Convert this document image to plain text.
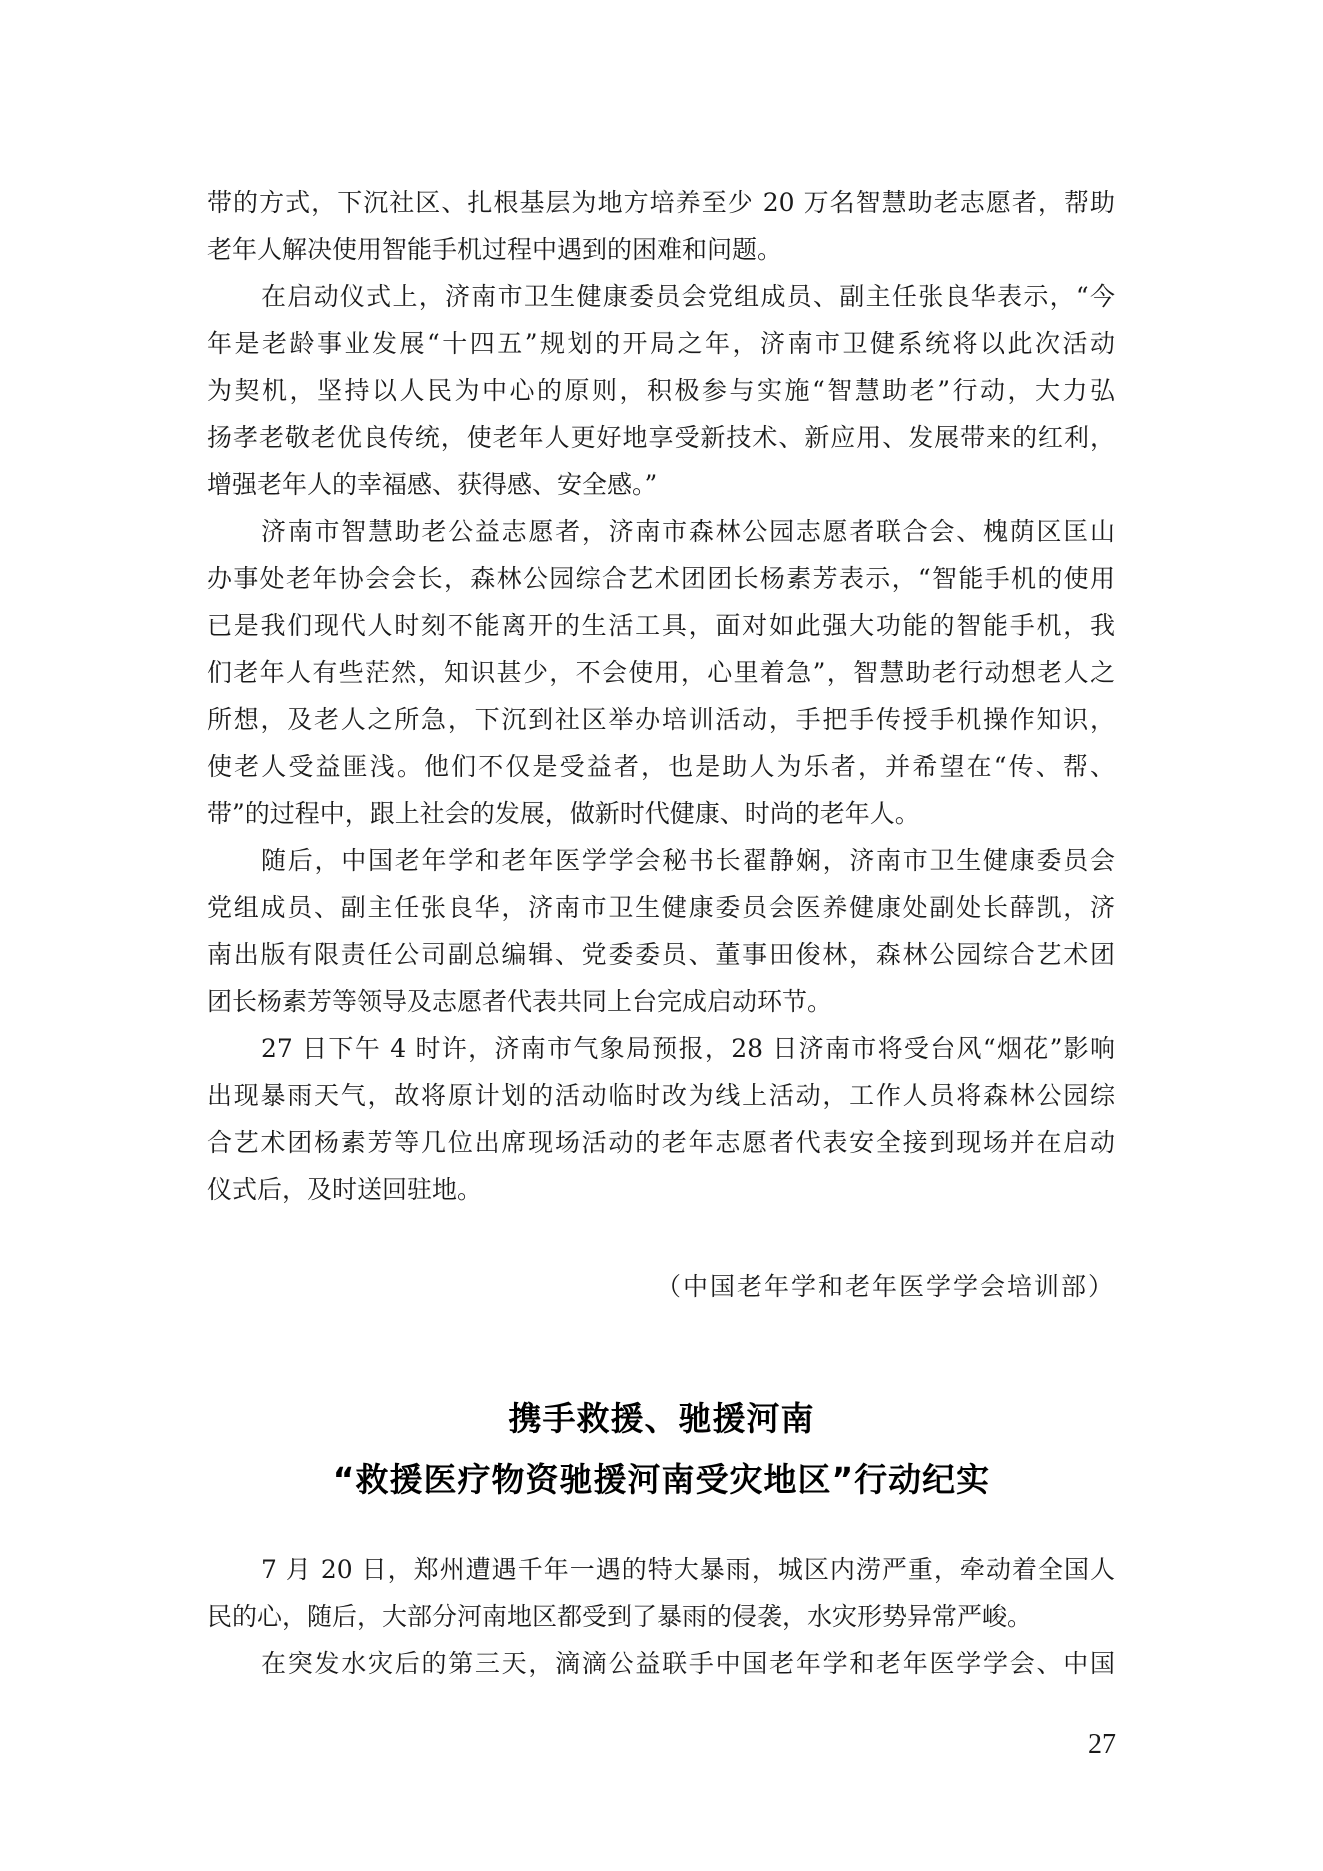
带的方式，下沉社区、扎根基层为地方培养至少 20 万名智慧助老志愿者，帮助
老年人解决使用智能手机过程中遇到的困难和问题。
在启动仪式上，济南市卫生健康委员会党组成员、副主任张良华表示，“今
年是老龄事业发展“十四五”规划的开局之年，济南市卫健系统将以此次活动
为契机，坚持以人民为中心的原则，积极参与实施“智慧助老”行动，大力弘
扬孝老敬老优良传统，使老年人更好地享受新技术、新应用、发展带来的红利，
增强老年人的幸福感、获得感、安全感。”
济南市智慧助老公益志愿者，济南市森林公园志愿者联合会、槐荫区匡山
办事处老年协会会长，森林公园综合艺术团团长杨素芳表示，“智能手机的使用
已是我们现代人时刻不能离开的生活工具，面对如此强大功能的智能手机，我
们老年人有些茫然，知识甚少，不会使用，心里着急”，智慧助老行动想老人之
所想，及老人之所急，下沉到社区举办培训活动，手把手传授手机操作知识，
使老人受益匪浅。他们不仅是受益者，也是助人为乐者，并希望在“传、帮、
带”的过程中，跟上社会的发展，做新时代健康、时尚的老年人。
随后，中国老年学和老年医学学会秘书长翟静娴，济南市卫生健康委员会
党组成员、副主任张良华，济南市卫生健康委员会医养健康处副处长薛凯，济
南出版有限责任公司副总编辑、党委委员、董事田俊林，森林公园综合艺术团
团长杨素芳等领导及志愿者代表共同上台完成启动环节。
27 日下午 4 时许，济南市气象局预报，28 日济南市将受台风“烟花”影响
出现暴雨天气，故将原计划的活动临时改为线上活动，工作人员将森林公园综
合艺术团杨素芳等几位出席现场活动的老年志愿者代表安全接到现场并在启动
仪式后，及时送回驻地。
（中国老年学和老年医学学会培训部）
携手救援、驰援河南
“救援医疗物资驰援河南受灾地区”行动纪实
7 月 20 日，郑州遭遇千年一遇的特大暴雨，城区内涝严重，牵动着全国人
民的心，随后，大部分河南地区都受到了暴雨的侵袭，水灾形势异常严峻。
在突发水灾后的第三天，滴滴公益联手中国老年学和老年医学学会、中国
27
